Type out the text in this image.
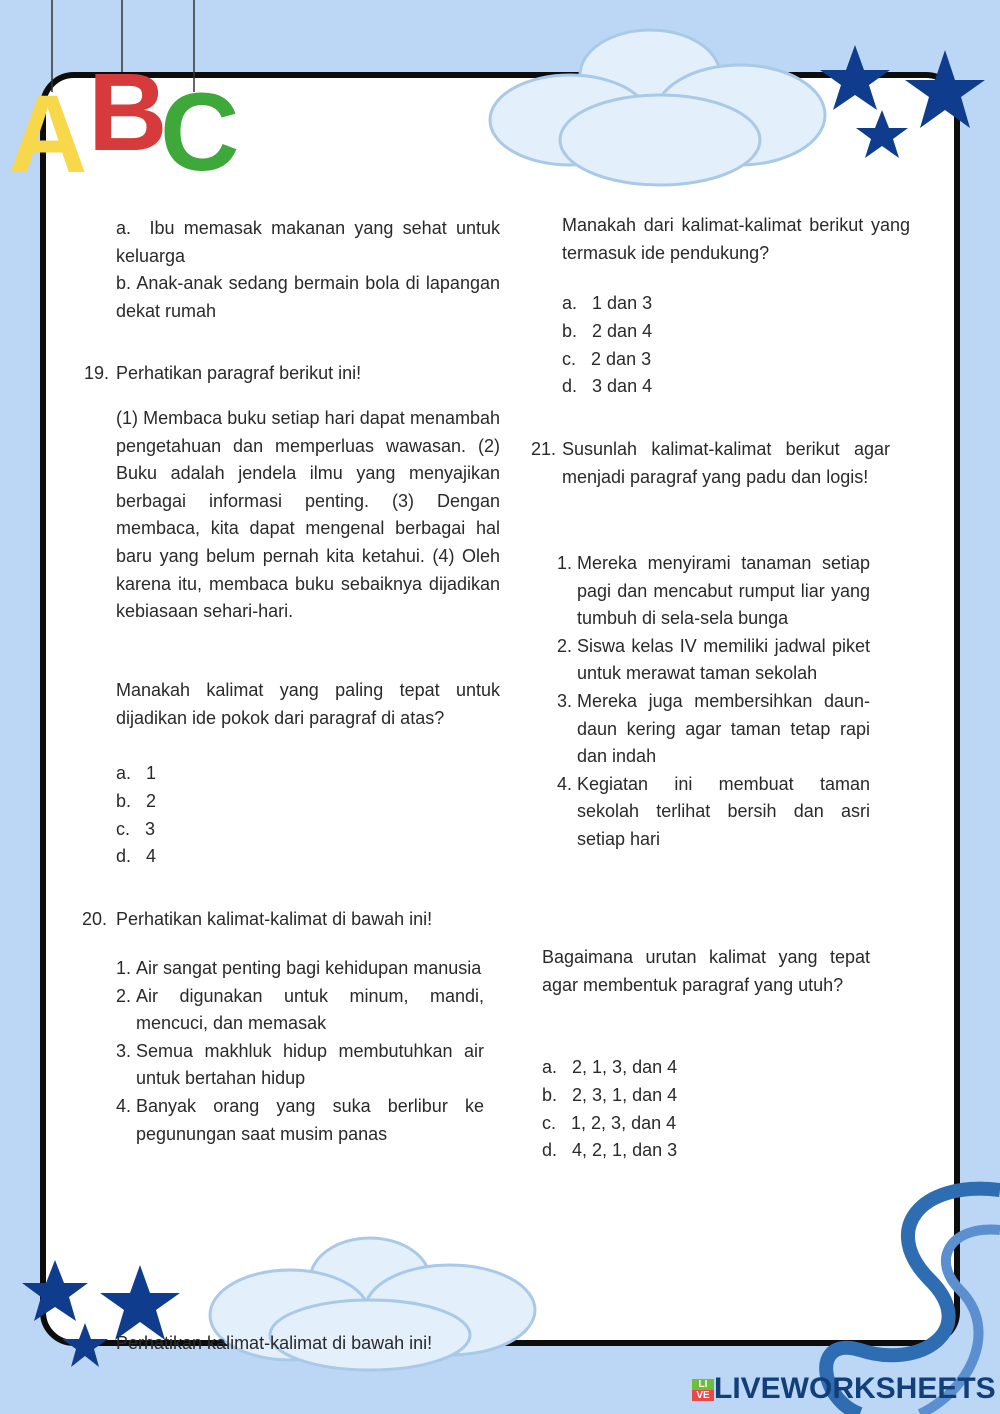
A B
C
a. Ibu memasak makanan yang sehat untuk keluarga
b. Anak-anak sedang bermain bola di lapangan dekat rumah
19. Perhatikan paragraf berikut ini!
(1) Membaca buku setiap hari dapat menambah pengetahuan dan memperluas wawasan. (2) Buku adalah jendela ilmu yang menyajikan berbagai informasi penting. (3) Dengan membaca, kita dapat mengenal berbagai hal baru yang belum pernah kita ketahui. (4) Oleh karena itu, membaca buku sebaiknya dijadikan kebiasaan sehari-hari.
Manakah kalimat yang paling tepat untuk dijadikan ide pokok dari paragraf di atas?
a. 1
b. 2
c. 3
d. 4
20. Perhatikan kalimat-kalimat di bawah ini!
1. Air sangat penting bagi kehidupan manusia
2. Air digunakan untuk minum, mandi, mencuci, dan memasak
3. Semua makhluk hidup membutuhkan air untuk bertahan hidup
4. Banyak orang yang suka berlibur ke pegunungan saat musim panas
Manakah dari kalimat-kalimat berikut yang termasuk ide pendukung?
a. 1 dan 3
b. 2 dan 4
c. 2 dan 3
d. 3 dan 4
21. Susunlah kalimat-kalimat berikut agar menjadi paragraf yang padu dan logis!
1. Mereka menyirami tanaman setiap pagi dan mencabut rumput liar yang tumbuh di sela-sela bunga
2. Siswa kelas IV memiliki jadwal piket untuk merawat taman sekolah
3. Mereka juga membersihkan daun-daun kering agar taman tetap rapi dan indah
4. Kegiatan ini membuat taman sekolah terlihat bersih dan asri setiap hari
Bagaimana urutan kalimat yang tepat agar membentuk paragraf yang utuh?
a. 2, 1, 3, dan 4
b. 2, 3, 1, dan 4
c. 1, 2, 3, dan 4
d. 4, 2, 1, dan 3
Perhatikan kalimat-kalimat di bawah ini!
LI
VE LIVEWORKSHEETS
